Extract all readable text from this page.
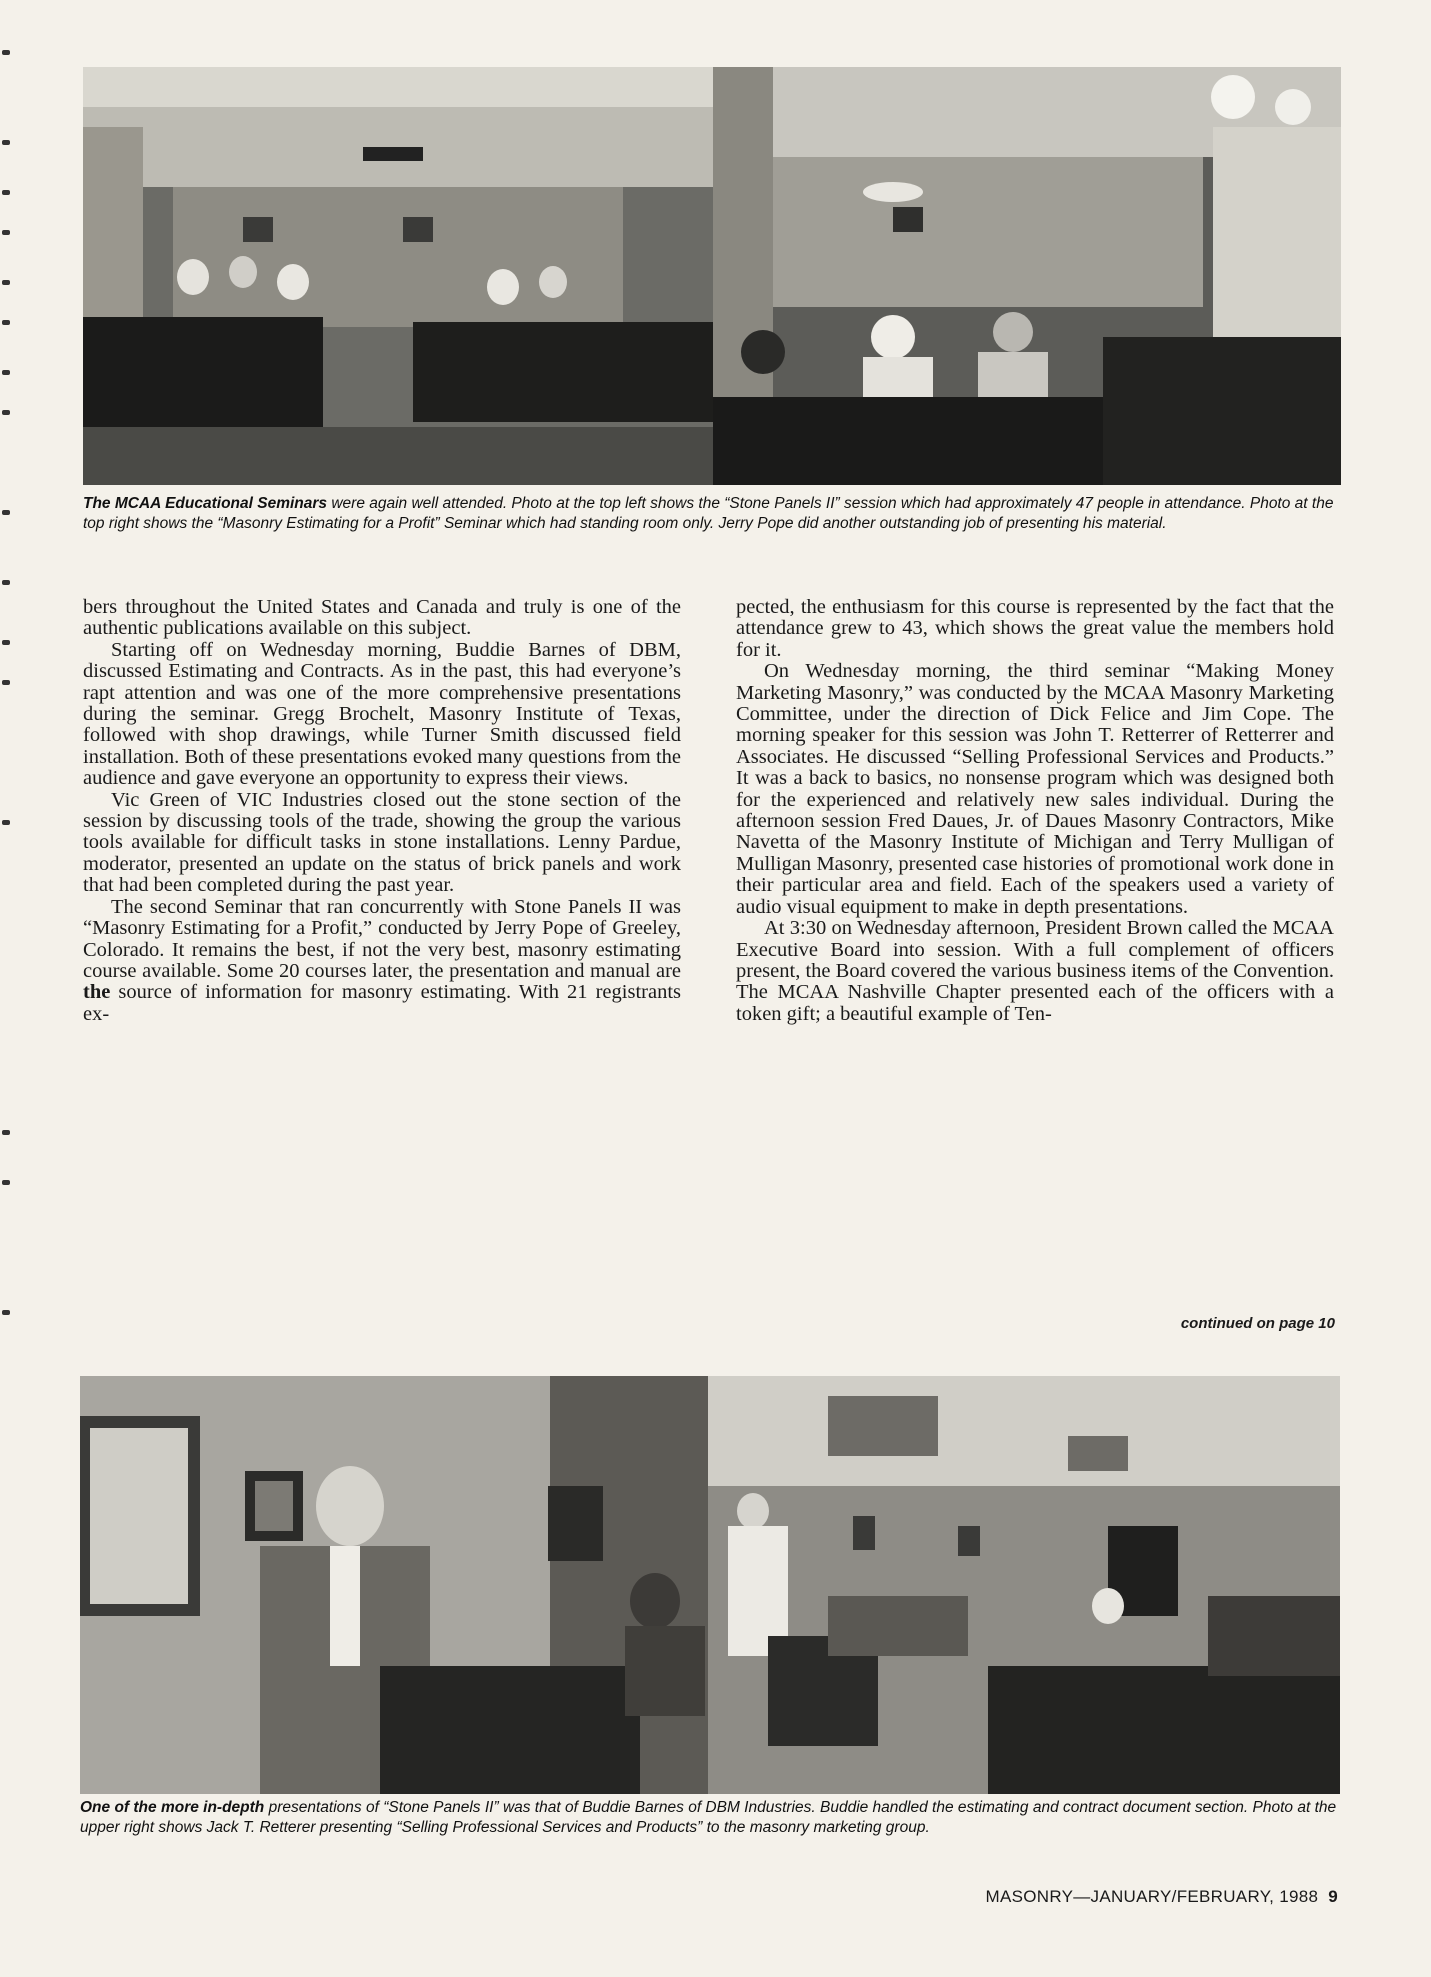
The MCAA Educational Seminars were again well attended. Photo at the top left shows the “Stone Panels II” session which had approximately 47 people in attendance. Photo at the top right shows the “Masonry Estimating for a Profit” Seminar which had standing room only. Jerry Pope did another outstanding job of presenting his material.

bers throughout the United States and Canada and truly is one of the authentic publications available on this subject.

Starting off on Wednesday morning, Buddie Barnes of DBM, discussed Estimating and Contracts. As in the past, this had everyone’s rapt attention and was one of the more comprehensive presentations during the seminar. Gregg Brochelt, Masonry Institute of Texas, followed with shop drawings, while Turner Smith discussed field installation. Both of these presentations evoked many questions from the audience and gave everyone an opportunity to express their views.

Vic Green of VIC Industries closed out the stone section of the session by discussing tools of the trade, showing the group the various tools available for difficult tasks in stone installations. Lenny Pardue, moderator, presented an update on the status of brick panels and work that had been completed during the past year.

The second Seminar that ran concurrently with Stone Panels II was “Masonry Estimating for a Profit,” conducted by Jerry Pope of Greeley, Colorado. It remains the best, if not the very best, masonry estimating course available. Some 20 courses later, the presentation and manual are the source of information for masonry estimating. With 21 registrants ex-

pected, the enthusiasm for this course is represented by the fact that the attendance grew to 43, which shows the great value the members hold for it.

On Wednesday morning, the third seminar “Making Money Marketing Masonry,” was conducted by the MCAA Masonry Marketing Committee, under the direction of Dick Felice and Jim Cope. The morning speaker for this session was John T. Retterrer of Retterrer and Associates. He discussed “Selling Professional Services and Products.” It was a back to basics, no nonsense program which was designed both for the experienced and relatively new sales individual. During the afternoon session Fred Daues, Jr. of Daues Masonry Contractors, Mike Navetta of the Masonry Institute of Michigan and Terry Mulligan of Mulligan Masonry, presented case histories of promotional work done in their particular area and field. Each of the speakers used a variety of audio visual equipment to make in depth presentations.

At 3:30 on Wednesday afternoon, President Brown called the MCAA Executive Board into session. With a full complement of officers present, the Board covered the various business items of the Convention. The MCAA Nashville Chapter presented each of the officers with a token gift; a beautiful example of Ten-

continued on page 10

One of the more in-depth presentations of “Stone Panels II” was that of Buddie Barnes of DBM Industries. Buddie handled the estimating and contract document section. Photo at the upper right shows Jack T. Retterer presenting “Selling Professional Services and Products” to the masonry marketing group.

MASONRY—JANUARY/FEBRUARY, 1988 9
